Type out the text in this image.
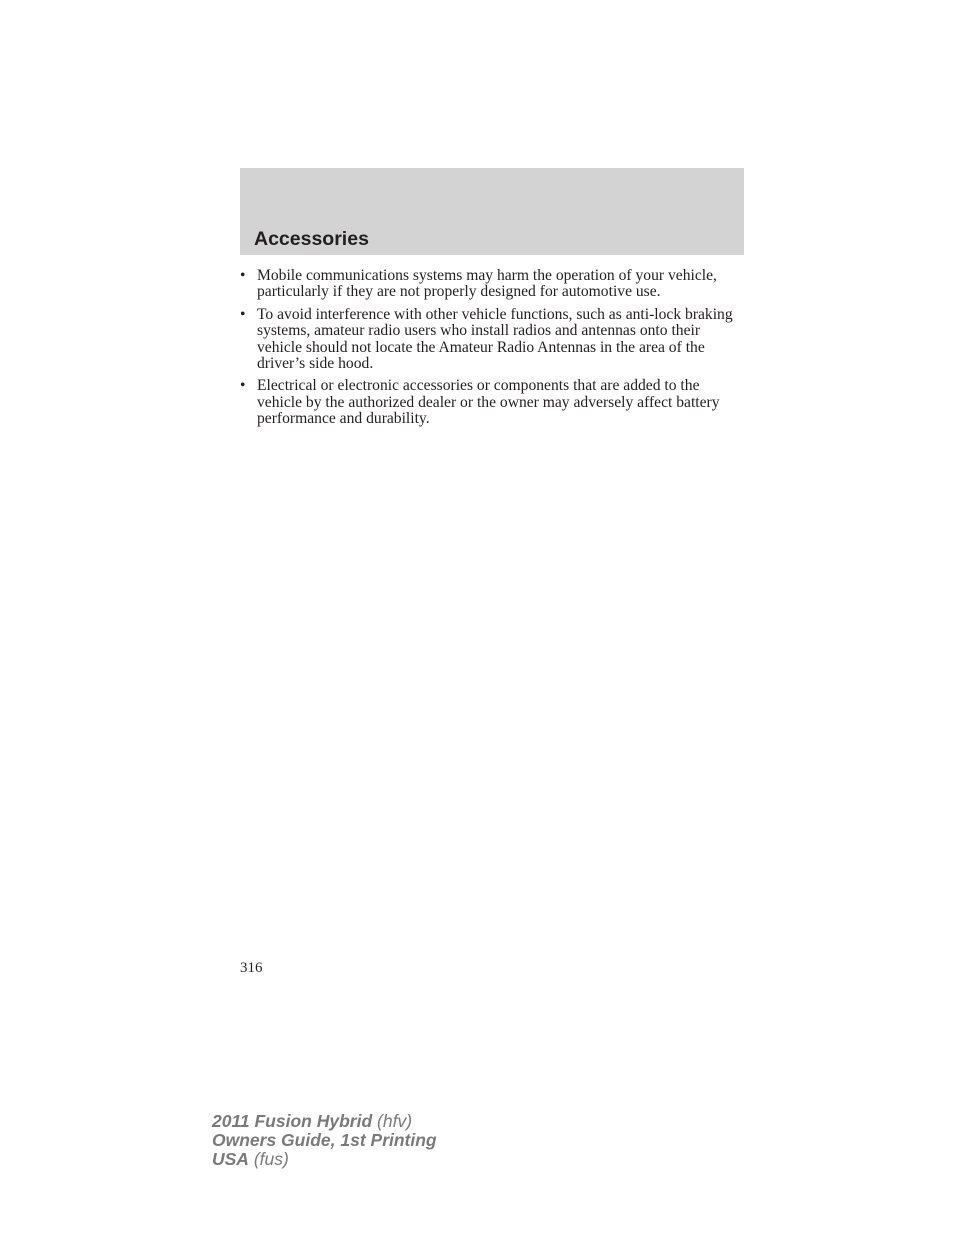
Accessories
• Mobile communications systems may harm the operation of your vehicle, particularly if they are not properly designed for automotive use.
• To avoid interference with other vehicle functions, such as anti-lock braking systems, amateur radio users who install radios and antennas onto their vehicle should not locate the Amateur Radio Antennas in the area of the driver’s side hood.
• Electrical or electronic accessories or components that are added to the vehicle by the authorized dealer or the owner may adversely affect battery performance and durability.
316
2011 Fusion Hybrid (hfv)
Owners Guide, 1st Printing
USA (fus)
